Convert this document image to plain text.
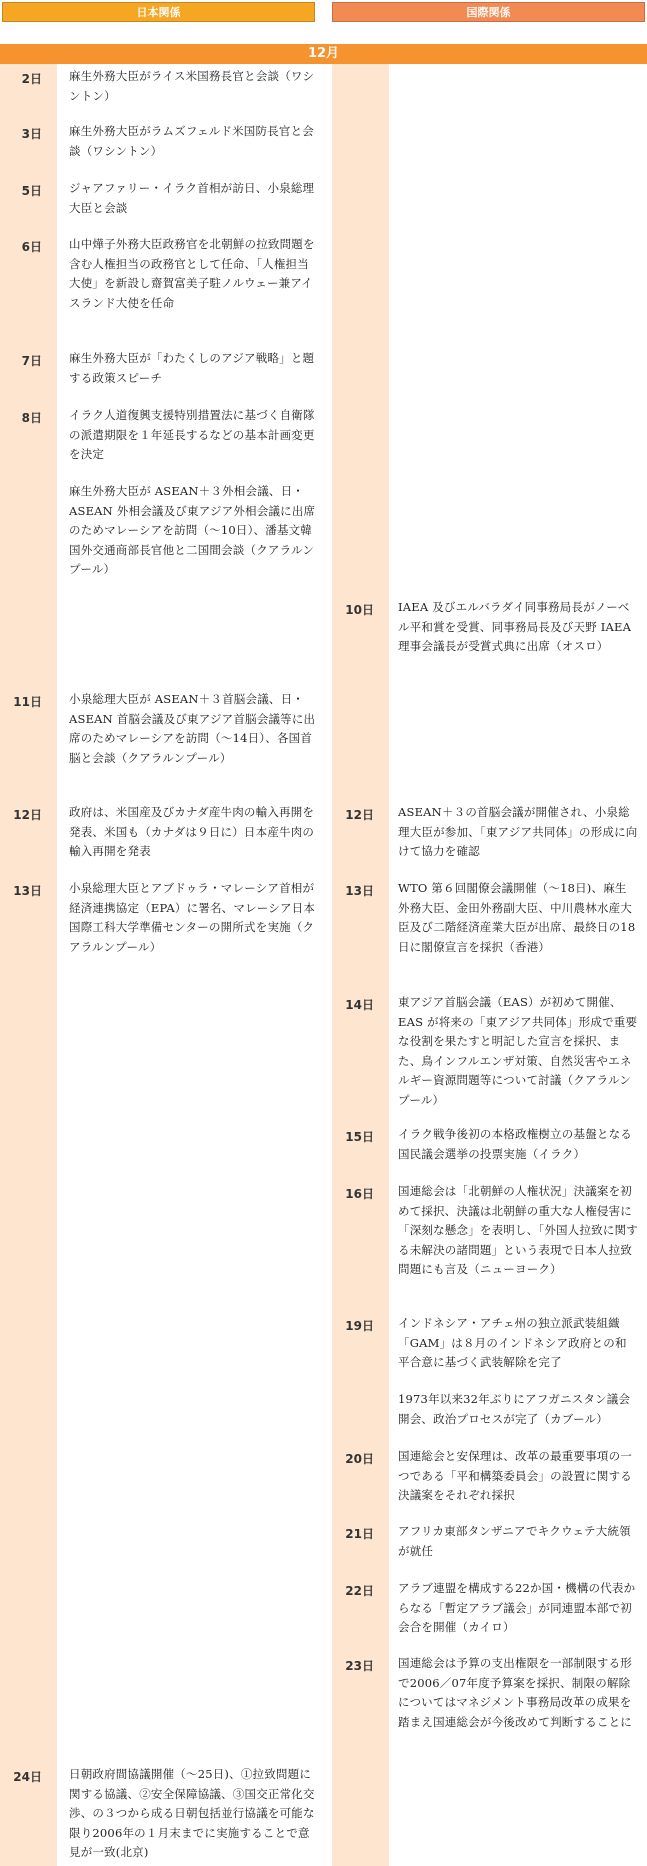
日本関係	国際関係
12月
2日 麻生外務大臣がライス米国務長官と会談（ワシントン）
3日 麻生外務大臣がラムズフェルド米国防長官と会談（ワシントン）
5日 ジャアファリー・イラク首相が訪日、小泉総理大臣と会談
6日 山中燁子外務大臣政務官を北朝鮮の拉致問題を含む人権担当の政務官として任命、「人権担当大使」を新設し齋賀富美子駐ノルウェー兼アイスランド大使を任命
7日 麻生外務大臣が「わたくしのアジア戦略」と題する政策スピーチ
8日 イラク人道復興支援特別措置法に基づく自衛隊の派遣期限を１年延長するなどの基本計画変更を決定
麻生外務大臣が ASEAN＋３外相会議、日・ASEAN 外相会議及び東アジア外相会議に出席のためマレーシアを訪問（～10日）、潘基文韓国外交通商部長官他と二国間会談（クアラルンプール）
11日 小泉総理大臣が ASEAN＋３首脳会議、日・ASEAN 首脳会議及び東アジア首脳会議等に出席のためマレーシアを訪問（～14日）、各国首脳と会談（クアラルンプール）
12日 政府は、米国産及びカナダ産牛肉の輸入再開を発表、米国も（カナダは９日に）日本産牛肉の輸入再開を発表
13日 小泉総理大臣とアブドゥラ・マレーシア首相が経済連携協定（EPA）に署名、マレーシア日本国際工科大学準備センターの開所式を実施（クアラルンプール）
24日 日朝政府間協議開催（～25日)、①拉致問題に関する協議、②安全保障協議、③国交正常化交渉、の３つから成る日朝包括並行協議を可能な限り2006年の１月末までに実施することで意見が一致(北京)
10日 IAEA 及びエルバラダイ同事務局長がノーベル平和賞を受賞、同事務局長及び天野 IAEA 理事会議長が受賞式典に出席（オスロ）
12日 ASEAN＋３の首脳会議が開催され、小泉総理大臣が参加、「東アジア共同体」の形成に向けて協力を確認
13日 WTO 第６回閣僚会議開催（～18日)、麻生外務大臣、金田外務副大臣、中川農林水産大臣及び二階経済産業大臣が出席、最終日の18日に閣僚宣言を採択（香港）
14日 東アジア首脳会議（EAS）が初めて開催、EAS が将来の「東アジア共同体」形成で重要な役割を果たすと明記した宣言を採択、また、鳥インフルエンザ対策、自然災害やエネルギー資源問題等について討議（クアラルンプール）
15日 イラク戦争後初の本格政権樹立の基盤となる国民議会選挙の投票実施（イラク）
16日 国連総会は「北朝鮮の人権状況」決議案を初めて採択、決議は北朝鮮の重大な人権侵害に「深刻な懸念」を表明し、「外国人拉致に関する未解決の諸問題」という表現で日本人拉致問題にも言及（ニューヨーク）
19日 インドネシア・アチェ州の独立派武装組織「GAM」は８月のインドネシア政府との和平合意に基づく武装解除を完了
1973年以来32年ぶりにアフガニスタン議会開会、政治プロセスが完了（カブール）
20日 国連総会と安保理は、改革の最重要事項の一つである「平和構築委員会」の設置に関する決議案をそれぞれ採択
21日 アフリカ東部タンザニアでキクウェテ大統領が就任
22日 アラブ連盟を構成する22か国・機構の代表からなる「暫定アラブ議会」が同連盟本部で初会合を開催（カイロ）
23日 国連総会は予算の支出権限を一部制限する形で2006／07年度予算案を採択、制限の解除についてはマネジメント事務局改革の成果を踏まえ国連総会が今後改めて判断することに
